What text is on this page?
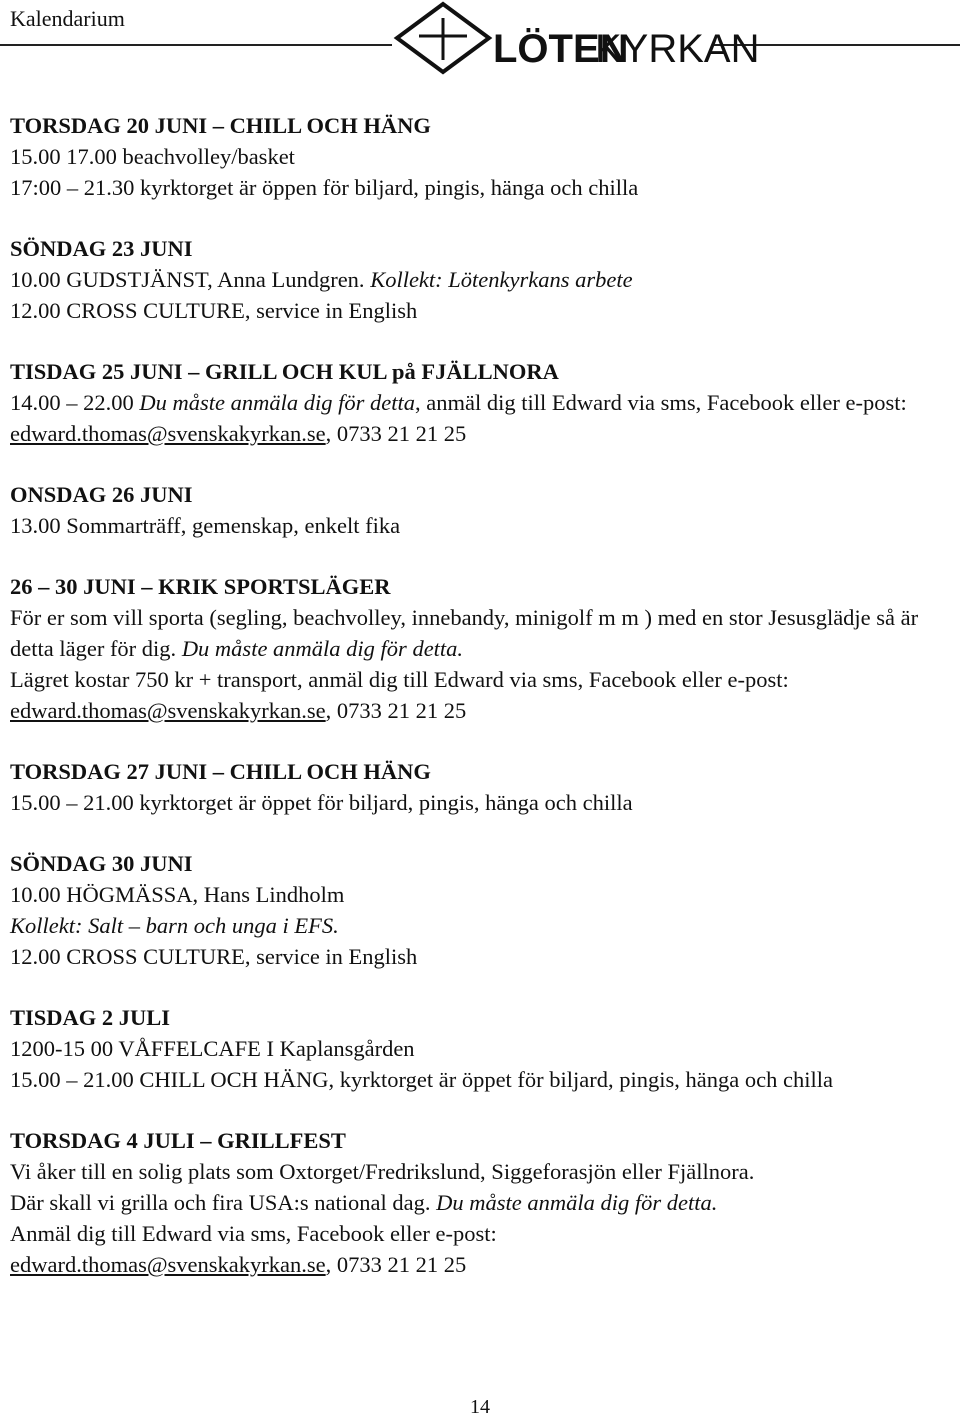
Kalendarium
LÖTEN
KYRKAN
TORSDAG 20 JUNI – CHILL OCH HÄNG
15.00 17.00 beachvolley/basket
17:00 – 21.30 kyrktorget är öppen för biljard, pingis, hänga och chilla
SÖNDAG 23 JUNI
10.00 GUDSTJÄNST, Anna Lundgren. Kollekt: Lötenkyrkans arbete
12.00 CROSS CULTURE, service in English
TISDAG 25 JUNI – GRILL OCH KUL på FJÄLLNORA
14.00 – 22.00 Du måste anmäla dig för detta, anmäl dig till Edward via sms, Facebook eller e-post: edward.thomas@svenskakyrkan.se, 0733 21 21 25
ONSDAG 26 JUNI
13.00 Sommarträff, gemenskap, enkelt fika
26 – 30 JUNI – KRIK SPORTSLÄGER
För er som vill sporta (segling, beachvolley, innebandy, minigolf m m ) med en stor Jesusglädje så är detta läger för dig. Du måste anmäla dig för detta.
Lägret kostar 750 kr + transport, anmäl dig till Edward via sms, Facebook eller e-post: edward.thomas@svenskakyrkan.se, 0733 21 21 25
TORSDAG 27 JUNI – CHILL OCH HÄNG
15.00 – 21.00 kyrktorget är öppet för biljard, pingis, hänga och chilla
SÖNDAG 30 JUNI
10.00 HÖGMÄSSA, Hans Lindholm
Kollekt: Salt – barn och unga i EFS.
12.00 CROSS CULTURE, service in English
TISDAG 2 JULI
1200-15 00 VÅFFELCAFE I Kaplansgården
15.00 – 21.00 CHILL OCH HÄNG, kyrktorget är öppet för biljard, pingis, hänga och chilla
TORSDAG 4 JULI – GRILLFEST
Vi åker till en solig plats som Oxtorget/Fredrikslund, Siggeforasjön eller Fjällnora.
Där skall vi grilla och fira USA:s national dag. Du måste anmäla dig för detta.
Anmäl dig till Edward via sms, Facebook eller e-post:
edward.thomas@svenskakyrkan.se, 0733 21 21 25
14
